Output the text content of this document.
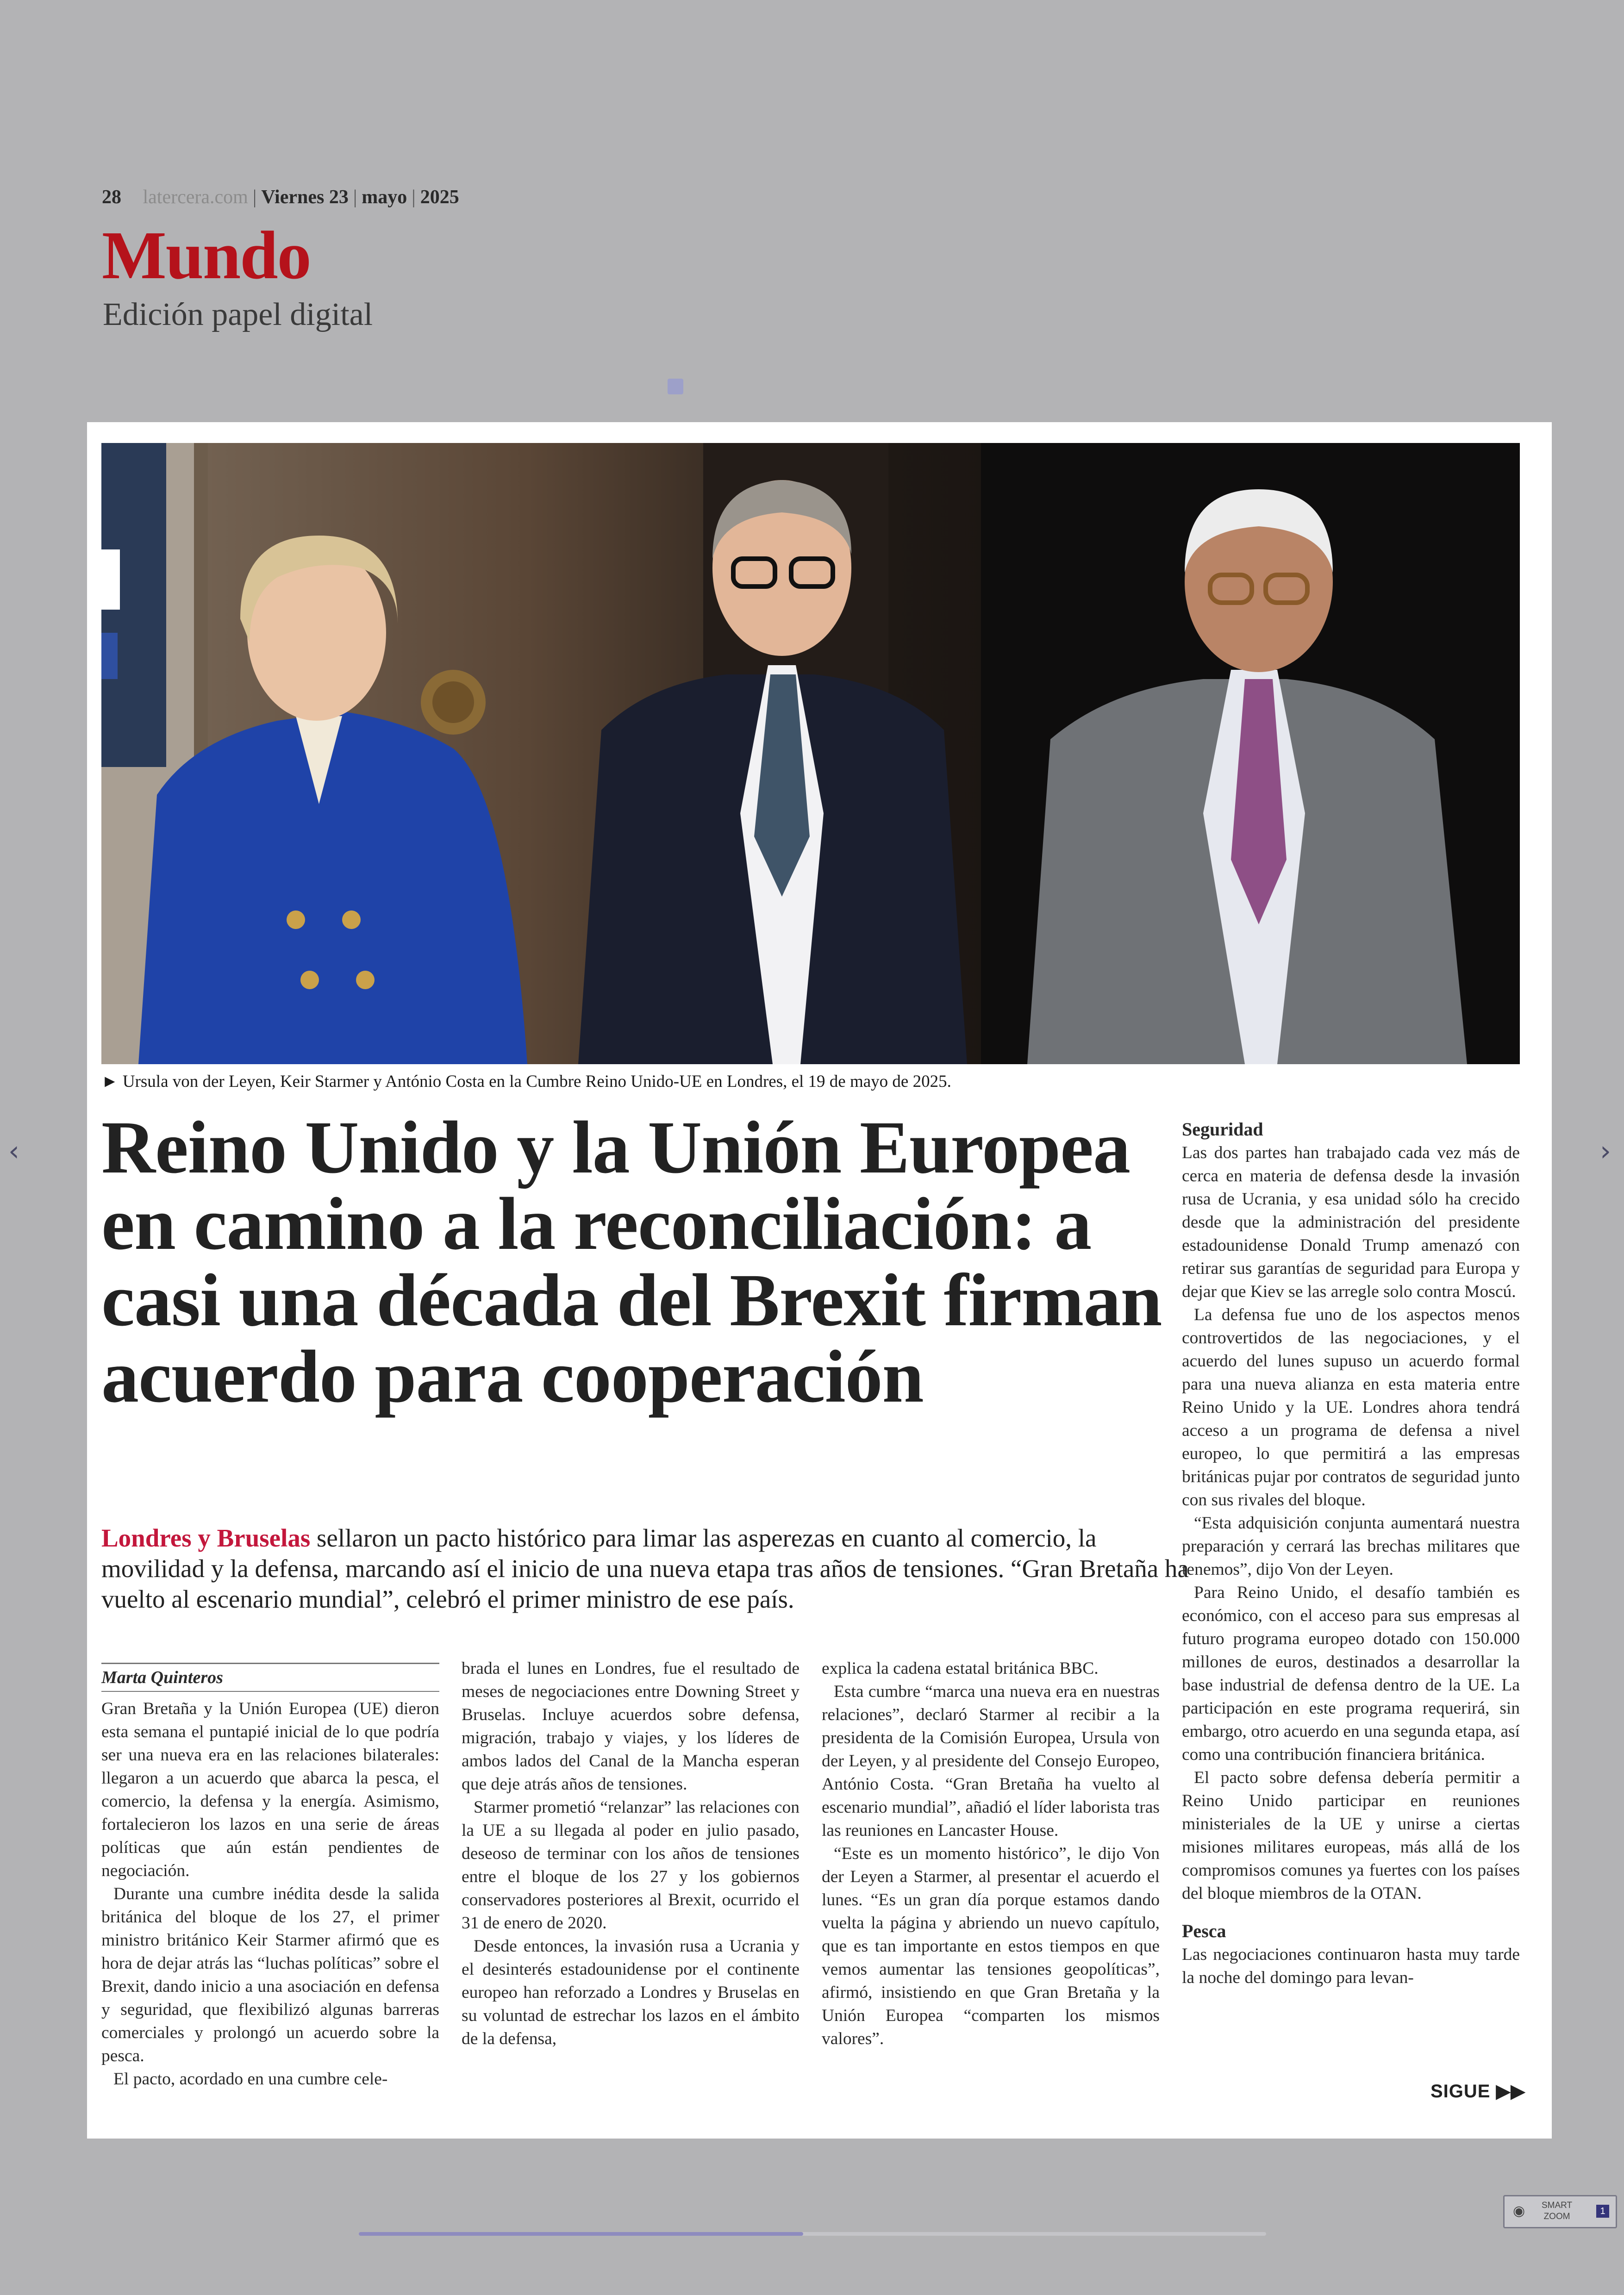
28 latercera.com | Viernes 23 | mayo | 2025
Mundo
Edición papel digital
‹	›
► Ursula von der Leyen, Keir Starmer y António Costa en la Cumbre Reino Unido-UE en Londres, el 19 de mayo de 2025.
Reino Unido y la Unión Europea en camino a la reconciliación: a casi una década del Brexit firman acuerdo para cooperación

Londres y Bruselas sellaron un pacto histórico para limar las asperezas en cuanto al comercio, la movilidad y la defensa, marcando así el inicio de una nueva etapa tras años de tensiones. “Gran Bretaña ha vuelto al escenario mundial”, celebró el primer ministro de ese país.

Marta Quinteros

Gran Bretaña y la Unión Europea (UE) dieron esta semana el puntapié inicial de lo que podría ser una nueva era en las relaciones bilaterales: llegaron a un acuerdo que abarca la pesca, el comercio, la defensa y la energía. Asimismo, fortalecieron los lazos en una serie de áreas políticas que aún están pendientes de negociación.

Durante una cumbre inédita desde la salida británica del bloque de los 27, el primer ministro británico Keir Starmer afirmó que es hora de dejar atrás las “luchas políticas” sobre el Brexit, dando inicio a una asociación en defensa y seguridad, que flexibilizó algunas barreras comerciales y prolongó un acuerdo sobre la pesca.

El pacto, acordado en una cumbre cele-

brada el lunes en Londres, fue el resultado de meses de negociaciones entre Downing Street y Bruselas. Incluye acuerdos sobre defensa, migración, trabajo y viajes, y los líderes de ambos lados del Canal de la Mancha esperan que deje atrás años de tensiones.

Starmer prometió “relanzar” las relaciones con la UE a su llegada al poder en julio pasado, deseoso de terminar con los años de tensiones entre el bloque de los 27 y los gobiernos conservadores posteriores al Brexit, ocurrido el 31 de enero de 2020.

Desde entonces, la invasión rusa a Ucrania y el desinterés estadounidense por el continente europeo han reforzado a Londres y Bruselas en su voluntad de estrechar los lazos en el ámbito de la defensa,

explica la cadena estatal británica BBC.

Esta cumbre “marca una nueva era en nuestras relaciones”, declaró Starmer al recibir a la presidenta de la Comisión Europea, Ursula von der Leyen, y al presidente del Consejo Europeo, António Costa. “Gran Bretaña ha vuelto al escenario mundial”, añadió el líder laborista tras las reuniones en Lancaster House.

“Este es un momento histórico”, le dijo Von der Leyen a Starmer, al presentar el acuerdo el lunes. “Es un gran día porque estamos dando vuelta la página y abriendo un nuevo capítulo, que es tan importante en estos tiempos en que vemos aumentar las tensiones geopolíticas”, afirmó, insistiendo en que Gran Bretaña y la Unión Europea “comparten los mismos valores”.

Seguridad

Las dos partes han trabajado cada vez más de cerca en materia de defensa desde la invasión rusa de Ucrania, y esa unidad sólo ha crecido desde que la administración del presidente estadounidense Donald Trump amenazó con retirar sus garantías de seguridad para Europa y dejar que Kiev se las arregle solo contra Moscú.

La defensa fue uno de los aspectos menos controvertidos de las negociaciones, y el acuerdo del lunes supuso un acuerdo formal para una nueva alianza en esta materia entre Reino Unido y la UE. Londres ahora tendrá acceso a un programa de defensa a nivel europeo, lo que permitirá a las empresas británicas pujar por contratos de seguridad junto con sus rivales del bloque.

“Esta adquisición conjunta aumentará nuestra preparación y cerrará las brechas militares que tenemos”, dijo Von der Leyen.

Para Reino Unido, el desafío también es económico, con el acceso para sus empresas al futuro programa europeo dotado con 150.000 millones de euros, destinados a desarrollar la base industrial de defensa dentro de la UE. La participación en este programa requerirá, sin embargo, otro acuerdo en una segunda etapa, así como una contribución financiera británica.

El pacto sobre defensa debería permitir a Reino Unido participar en reuniones ministeriales de la UE y unirse a ciertas misiones militares europeas, más allá de los compromisos comunes ya fuertes con los países del bloque miembros de la OTAN.

Pesca

Las negociaciones continuaron hasta muy tarde la noche del domingo para levan-

SIGUE ▶▶
◉ SMART
ZOOM
1
